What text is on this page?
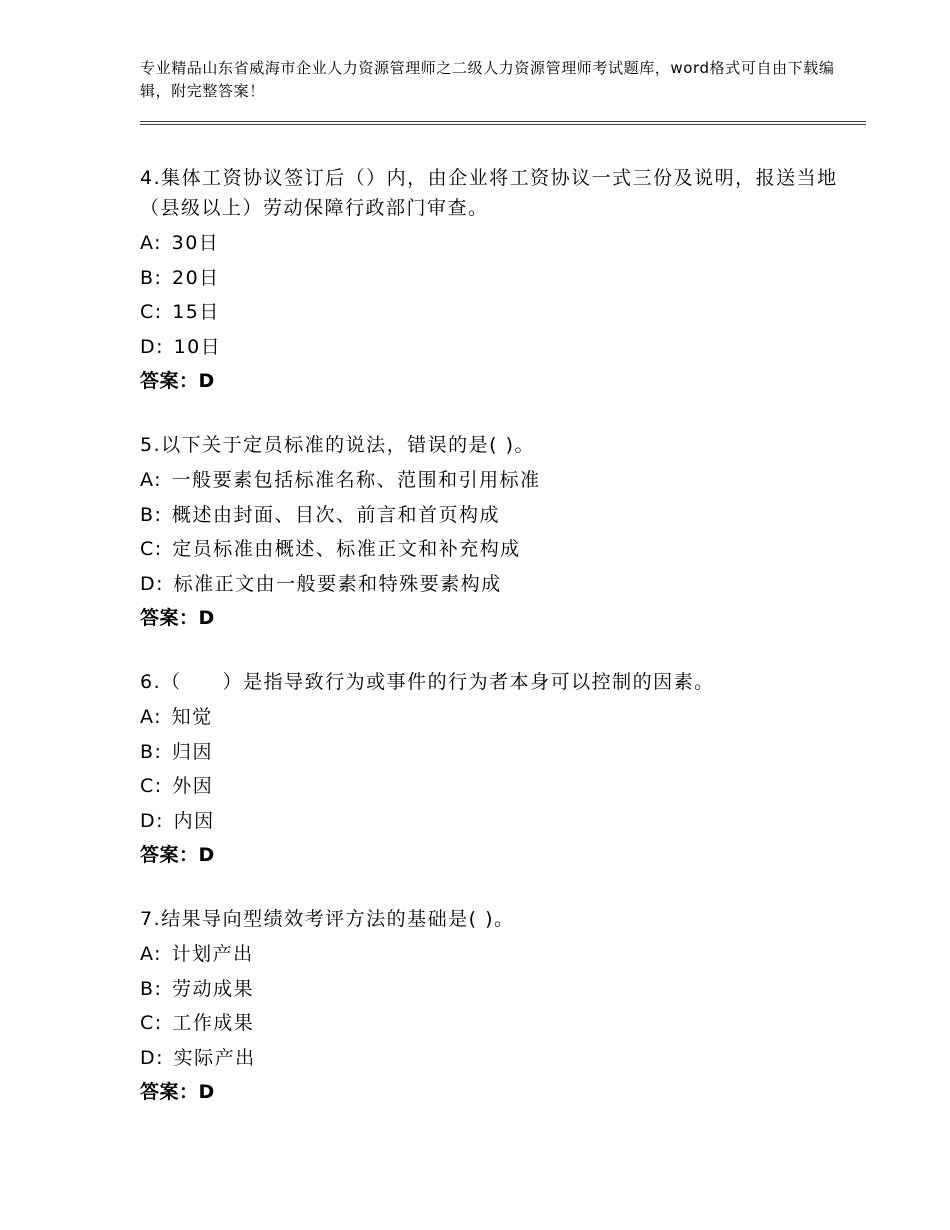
专业精品山东省威海市企业人力资源管理师之二级人力资源管理师考试题库，word格式可自由下载编辑，附完整答案！
4.集体工资协议签订后（）内，由企业将工资协议一式三份及说明，报送当地（县级以上）劳动保障行政部门审查。
A: 30日
B: 20日
C: 15日
D: 10日
答案：D
5.以下关于定员标准的说法，错误的是( )。
A: 一般要素包括标准名称、范围和引用标准
B: 概述由封面、目次、前言和首页构成
C: 定员标准由概述、标准正文和补充构成
D: 标准正文由一般要素和特殊要素构成
答案：D
6.（　　）是指导致行为或事件的行为者本身可以控制的因素。
A: 知觉
B: 归因
C: 外因
D: 内因
答案：D
7.结果导向型绩效考评方法的基础是( )。
A: 计划产出
B: 劳动成果
C: 工作成果
D: 实际产出
答案：D
